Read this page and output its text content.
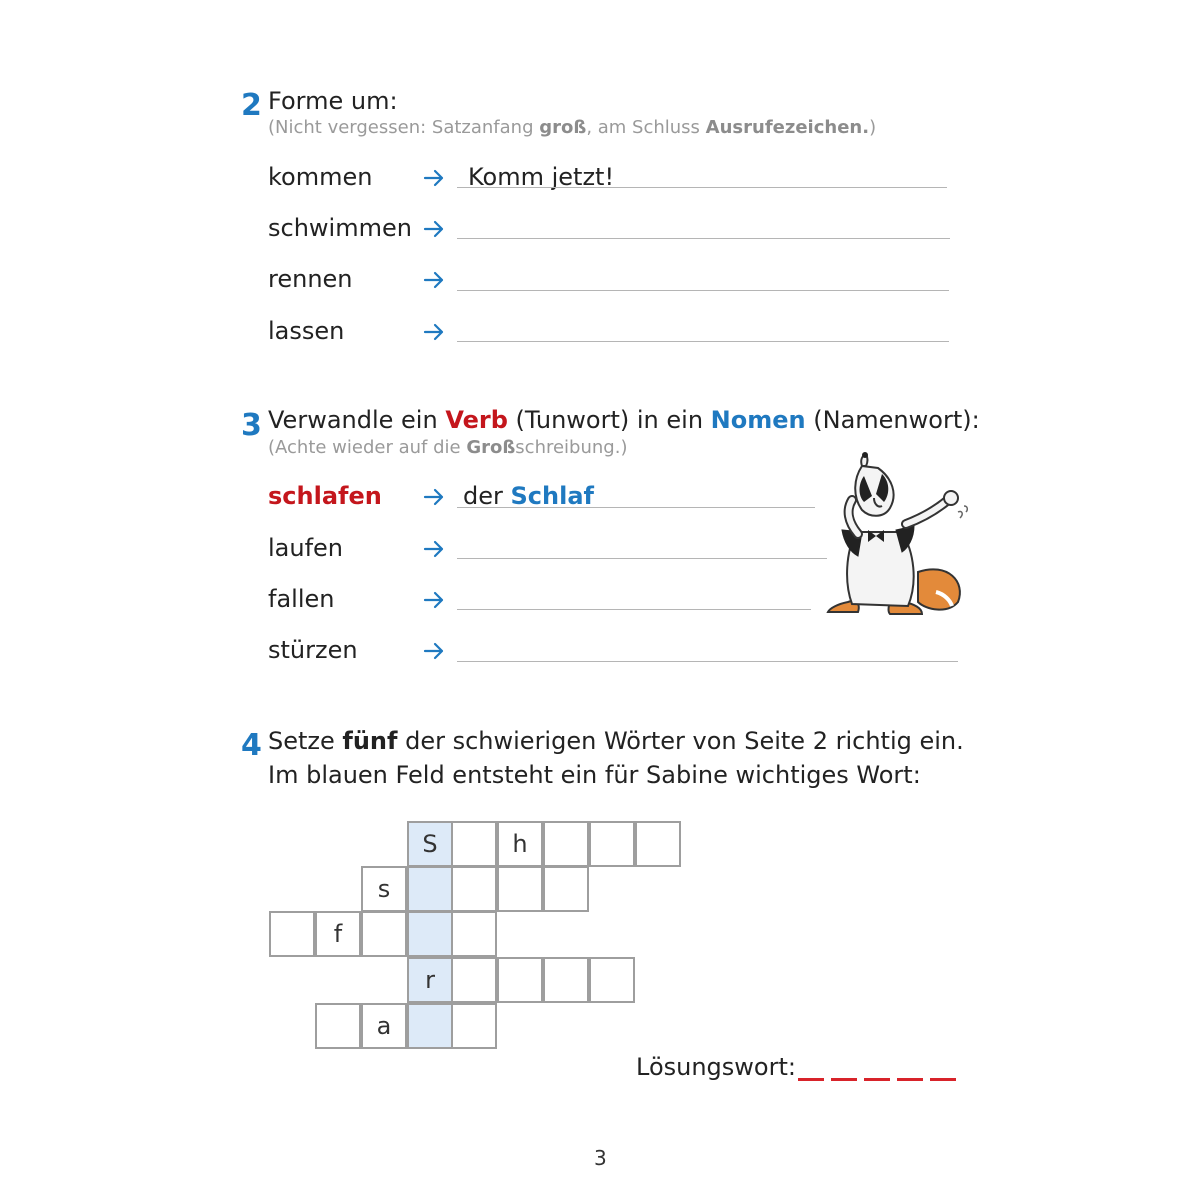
2 Forme um:
(Nicht vergessen: Satzanfang groß, am Schluss Ausrufezeichen.)
kommen
schwimmen
rennen
lassen
Komm jetzt!
3 Verwandle ein Verb (Tunwort) in ein Nomen (Namenwort):
(Achte wieder auf die Großschreibung.)
schlafen
laufen
fallen
stürzen
der Schlaf
4 Setze fünf der schwierigen Wörter von Seite 2 richtig ein.
Im blauen Feld entsteht ein für Sabine wichtiges Wort:
S	h
s
f
r
a
Lösungswort:
3
